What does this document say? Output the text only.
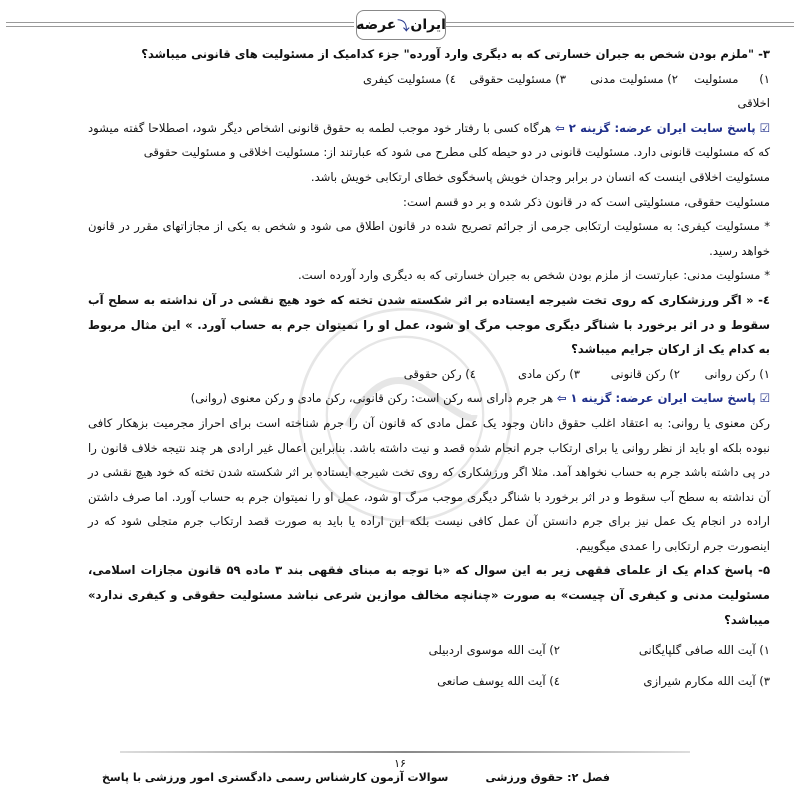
ایران
⤵
عرضه

۳- "ملزم بودن شخص به جبران خسارتی که به دیگری وارد آورده" جزء کدامیک از مسئولیت های قانونی میباشد؟

۱) مسئولیت اخلاقی
۲) مسئولیت مدنی
۳) مسئولیت حقوقی
٤) مسئولیت کیفری

☑ پاسخ سایت ایران عرضه: گزینه ۲ ⇦ هرگاه کسی با رفتار خود موجب لطمه به حقوق قانونی اشخاص دیگر شود، اصطلاحا گفته میشود که که مسئولیت قانونی دارد. مسئولیت قانونی در دو حیطه کلی مطرح می شود که عبارتند از: مسئولیت اخلاقی و مسئولیت حقوقی

مسئولیت اخلاقی اینست که انسان در برابر وجدان خویش پاسخگوی خطای ارتکابی خویش باشد.

مسئولیت حقوقی، مسئولیتی است که در قانون ذکر شده و بر دو قسم است:

* مسئولیت کیفری: به مسئولیت ارتکابی جرمی از جرائم تصریح شده در قانون اطلاق می شود و شخص به یکی از مجازاتهای مقرر در قانون خواهد رسید.

* مسئولیت مدنی: عبارتست از ملزم بودن شخص به جبران خسارتی که به دیگری وارد آورده است.

٤- « اگر ورزشکاری که روی تخت شیرجه ایستاده بر اثر شکسته شدن تخته که خود هیچ نقشی در آن نداشته به سطح آب سقوط و در اثر برخورد با شناگر دیگری موجب مرگ او شود، عمل او را نمیتوان جرم به حساب آورد. » این مثال مربوط به کدام یک از ارکان جرایم میباشد؟

۱) رکن روانی
۲) رکن قانونی
۳) رکن مادی
٤) رکن حقوقی

☑ پاسخ سایت ایران عرضه: گزینه ۱ ⇦ هر جرم دارای سه رکن است: رکن قانونی، رکن مادی و رکن معنوی (روانی)

رکن معنوی یا روانی: به اعتقاد اغلب حقوق دانان وجود یک عمل مادی که قانون آن را جرم شناخته است برای احراز مجرمیت بزهکار کافی نبوده بلکه او باید از نظر روانی یا برای ارتکاب جرم انجام شده قصد و نیت داشته باشد. بنابراین اعمال غیر ارادی هر چند نتیجه خلاف قانون را در پی داشته باشد جرم به حساب نخواهد آمد. مثلا اگر ورزشکاری که روی تخت شیرجه ایستاده بر اثر شکسته شدن تخته که خود هیچ نقشی در آن نداشته به سطح آب سقوط و در اثر برخورد با شناگر دیگری موجب مرگ او شود، عمل او را نمیتوان جرم به حساب آورد. اما صرف داشتن اراده در انجام یک عمل نیز برای جرم دانستن آن عمل کافی نیست بلکه این اراده یا باید به صورت قصد ارتکاب جرم متجلی شود که در اینصورت جرم ارتکابی را عمدی میگوییم.

۵- پاسخ کدام یک از علمای فقهی زیر به این سوال که «با توجه به مبنای فقهی بند ۳ ماده ۵۹ قانون مجازات اسلامی، مسئولیت مدنی و کیفری آن چیست» به صورت «چنانچه مخالف موازین شرعی نباشد مسئولیت حقوقی و کیفری ندارد» میباشد؟

۱) آیت الله صافی گلپایگانی
۲) آیت الله موسوی اردبیلی

۳) آیت الله مکارم شیرازی
٤) آیت الله یوسف صانعی

۱۶
سوالات آزمون کارشناس رسمی دادگستری امور ورزشی با پاسخ	فصل ۲: حقوق ورزشی
